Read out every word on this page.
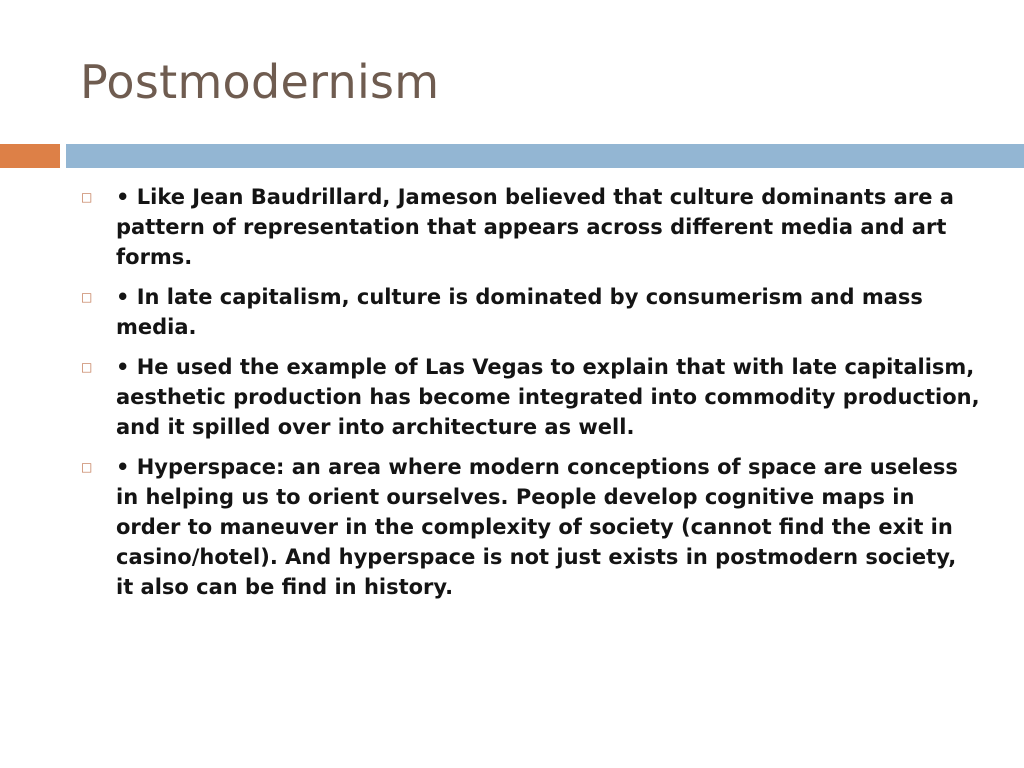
Postmodernism
□	• Like Jean Baudrillard, Jameson believed that culture dominants are a pattern of representation that appears across different media and art forms.
□	• In late capitalism, culture is dominated by consumerism and mass media.
□	• He used the example of Las Vegas to explain that with late capitalism, aesthetic production has become integrated into commodity production, and it spilled over into architecture as well.
□	• Hyperspace: an area where modern conceptions of space are useless in helping us to orient ourselves. People develop cognitive maps in order to maneuver in the complexity of society (cannot find the exit in casino/hotel). And hyperspace is not just exists in postmodern society, it also can be find in history.
